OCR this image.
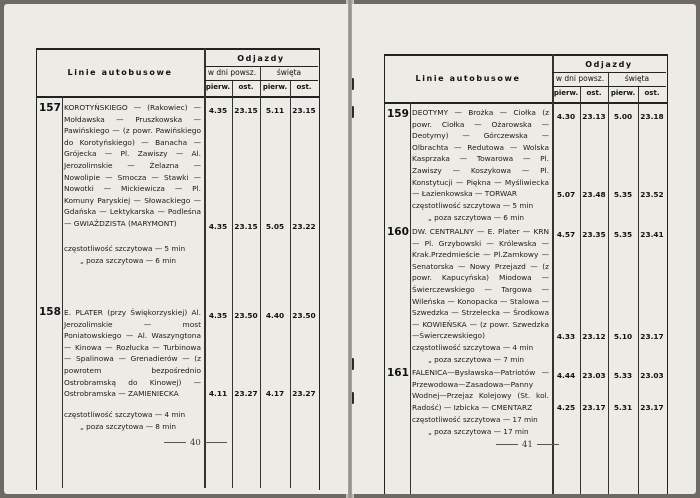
Linie autobusowe
Odjazdy
w dni powsz.	święta
pierw.	ost.	pierw.	ost.
157 KOROTYŃSKIEGO — (Rakowiec) — Mołdawska — Pruszkowska — Pawińskiego — (z powr. Pawińskiego do Korotyńskiego) — Banacha — Grójecka — Pl. Zawiszy — Al. Jerozolimskie — Żelazna — Nowolipie — Smocza — Stawki — Nowotki — Mickiewicza — Pl. Komuny Paryskiej — Słowackiego — Gdańska — Lektykarska — Podleśna — GWIAŹDZISTA (MARYMONT)
4.35 23.15	5.11	23.15
4.35 23.15	5.05	23.22
częstotliwość szczytowa — 5 min
„ poza szczytowa — 6 min
158 E. PLATER (przy Świękorzyskiej) Al. Jerozolimskie — most Poniatowskiego — Al. Waszyngtona — Kinowa — Rozłucka — Turbinowa — Spalinowa — Grenadierów — (z powrotem bezpośrednio Ostrobramską do Kinowej) — Ostrobramska — ZAMIENIECKA
4.35 23.50	4.40	23.50
4.11 23.27	4.17	23.27
częstotliwość szczytowa — 4 min
„ poza szczytowa — 8 min
40
Linie autobusowe
Odjazdy
w dni powsz.	święta
pierw.	ost.	pierw.	ost.
159 DEOTYMY — Brożka — Ciołka (z powr. Ciołka — Ożarowska — Deotymy) — Górczewska — Olbrachta — Redutowa — Wolska Kasprzaka — Towarowa — Pl. Zawiszy — Koszykowa — Pl. Konstytucji — Piękna — Myśliwiecka — Łazienkowska — TORWAR
4.30 23.13	5.00	23.18
5.07 23.48	5.35	23.52
częstotliwość szczytowa — 5 min
„ poza szczytowa — 6 min
160 DW. CENTRALNY — E. Plater — KRN — Pl. Grzybowski — Królewska — Krak.Przedmieście — Pl.Zamkowy — Senatorska — Nowy Przejazd — (z powr. Kapucyńska) Miodowa — Świerczewskiego — Targowa — Wileńska — Konopacka — Stalowa — Szwedzka — Strzelecka — Środkowa — KOWIEŃSKA — (z powr. Szwedzka—Świerczewskiego)
4.57 23.35	5.35	23.41
4.33 23.12	5.10	23.17
częstotliwość szczytowa — 4 min
„ poza szczytowa — 7 min
161 FALENICA—Bysławska—Patriotów —Przewodowa—Zasadowa—Panny Wodnej—Przejaz Kolejowy (St. kol. Radość) — Izbicka — CMENTARZ
4.44 23.03	5.33	23.03
4.25 23.17	5.31	23.17
częstotliwość szczytowa — 17 min
„ poza szczytowa — 17 min
41
